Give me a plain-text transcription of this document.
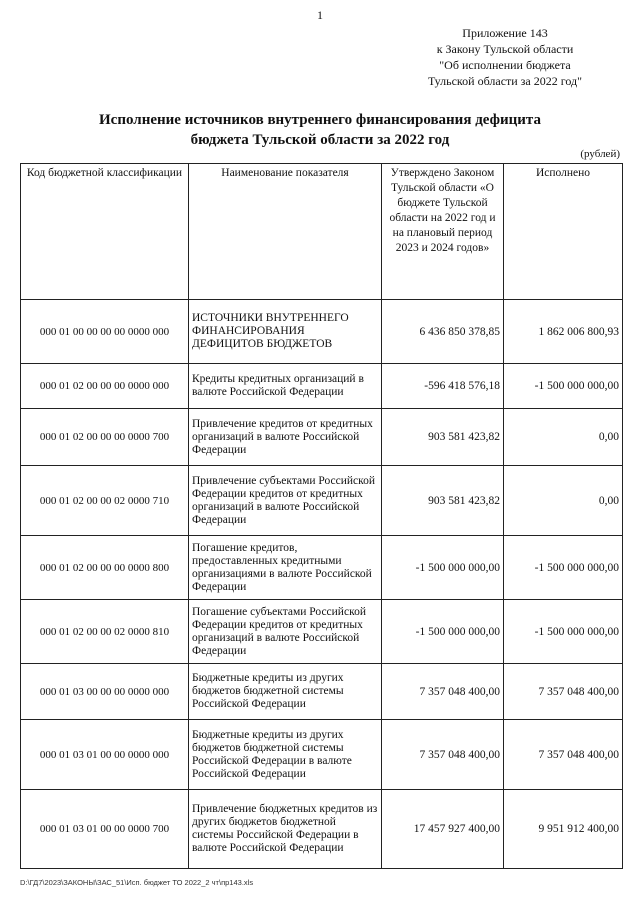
1
Приложение 143
к Закону Тульской области
"Об исполнении бюджета
Тульской области за 2022 год"
Исполнение источников внутреннего финансирования дефицита
бюджета Тульской области за 2022 год
(рублей)
Код бюджетной классификации	Наименование показателя	Утверждено Законом Тульской области «О бюджете Тульской области на 2022 год и на плановый период 2023 и 2024 годов»	Исполнено
000 01 00 00 00 00 0000 000	ИСТОЧНИКИ ВНУТРЕННЕГО ФИНАНСИРОВАНИЯ ДЕФИЦИТОВ БЮДЖЕТОВ	6 436 850 378,85	1 862 006 800,93
000 01 02 00 00 00 0000 000	Кредиты кредитных организаций в валюте Российской Федерации	-596 418 576,18	-1 500 000 000,00
000 01 02 00 00 00 0000 700	Привлечение кредитов от кредитных организаций в валюте Российской Федерации	903 581 423,82	0,00
000 01 02 00 00 02 0000 710	Привлечение субъектами Российской Федерации кредитов от кредитных организаций в валюте Российской Федерации	903 581 423,82	0,00
000 01 02 00 00 00 0000 800	Погашение кредитов, предоставленных кредитными организациями в валюте Российской Федерации	-1 500 000 000,00	-1 500 000 000,00
000 01 02 00 00 02 0000 810	Погашение субъектами Российской Федерации кредитов от кредитных организаций в валюте Российской Федерации	-1 500 000 000,00	-1 500 000 000,00
000 01 03 00 00 00 0000 000	Бюджетные кредиты из других бюджетов бюджетной системы Российской Федерации	7 357 048 400,00	7 357 048 400,00
000 01 03 01 00 00 0000 000	Бюджетные кредиты из других бюджетов бюджетной системы Российской Федерации в валюте Российской Федерации	7 357 048 400,00	7 357 048 400,00
000 01 03 01 00 00 0000 700	Привлечение бюджетных кредитов из других бюджетов бюджетной системы Российской Федерации в валюте Российской Федерации	17 457 927 400,00	9 951 912 400,00
D:\ГД7\2023\ЗАКОНЫ\ЗАС_51\Исп. бюджет ТО 2022_2 чт\пр143.xls
